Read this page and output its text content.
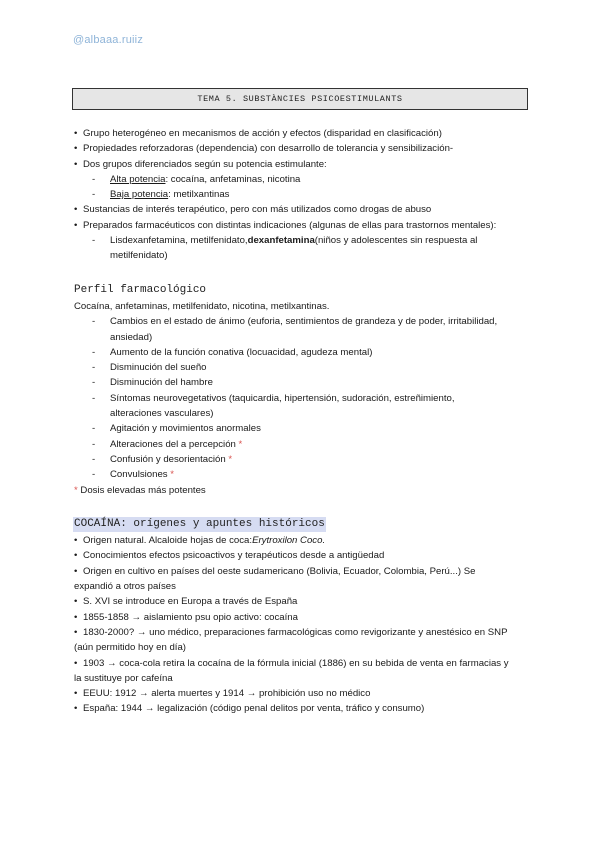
@albaaa.ruiiz
TEMA 5. SUBSTÀNCIES PSICOESTIMULANTS
• Grupo heterogéneo en mecanismos de acción y efectos (disparidad en clasificación)
• Propiedades reforzadoras (dependencia) con desarrollo de tolerancia y sensibilización-
• Dos grupos diferenciados según su potencia estimulante:
-	Alta potencia : cocaína, anfetaminas, nicotina
-	Baja potencia : metilxantinas
• Sustancias de interés terapéutico, pero con más utilizados como drogas de abuso
• Preparados farmacéuticos con distintas indicaciones (algunas de ellas para trastornos mentales):
-	Lisdexanfetamina, metilfenidato, dexanfetamina (niños y adolescentes sin respuesta al
metilfenidato)
Perfil farmacológico
Cocaína, anfetaminas, metilfenidato, nicotina, metilxantinas.
-	Cambios en el estado de ánimo (euforia, sentimientos de grandeza y de poder, irritabilidad,
ansiedad)
-	Aumento de la función conativa (locuacidad, agudeza mental)
-	Disminución del sueño
-	Disminución del hambre
-	Síntomas neurovegetativos (taquicardia, hipertensión, sudoración, estreñimiento,
alteraciones vasculares)
-	Agitación y movimientos anormales
-	Alteraciones del a percepción
*
-	Confusión y desorientación
*
-	Convulsiones
*
*
Dosis elevadas más potentes
COCAÍNA: orígenes y apuntes históricos
• Origen natural. Alcaloide hojas de coca: Erytroxilon Coco.
• Conocimientos efectos psicoactivos y terapéuticos desde a antigüedad
• Origen en cultivo en países del oeste sudamericano (Bolivia, Ecuador, Colombia, Perú...) Se
expandió a otros países
• S. XVI se introduce en Europa a través de España
• 1855-1858 → aislamiento psu opio activo: cocaína
• 1830-2000? → uno médico, preparaciones farmacológicas como revigorizante y anestésico en SNP
(aún permitido hoy en día)
• 1903 → coca-cola retira la cocaína de la fórmula inicial (1886) en su bebida de venta en farmacias y
la sustituye por cafeína
• EEUU: 1912 → alerta muertes y 1914 → prohibición uso no médico
• España: 1944 → legalización (código penal delitos por venta, tráfico y consumo)
